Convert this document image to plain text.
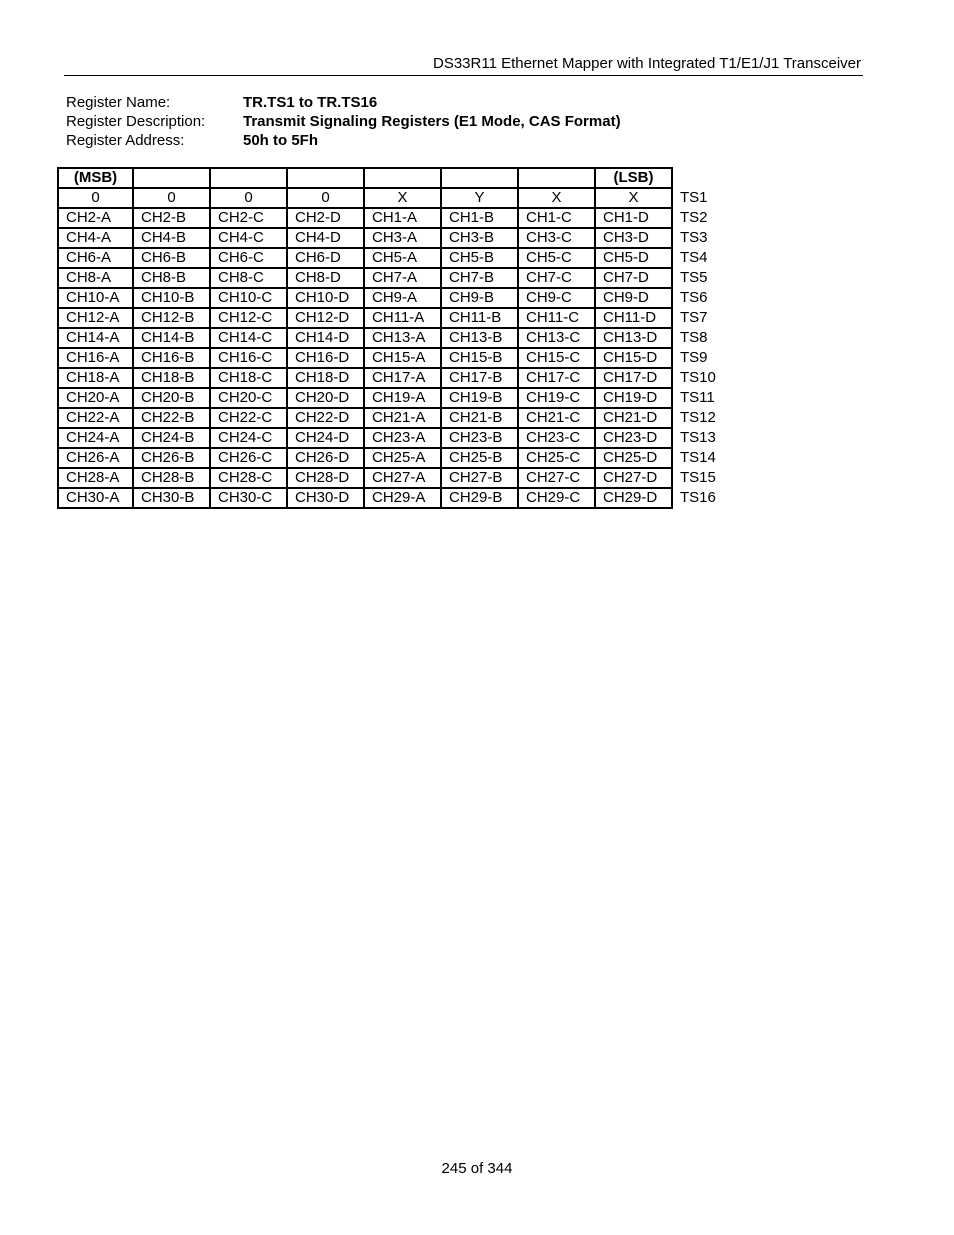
DS33R11 Ethernet Mapper with Integrated T1/E1/J1 Transceiver
Register Name:	TR.TS1 to TR.TS16
Register Description:	Transmit Signaling Registers (E1 Mode, CAS Format)
Register Address:	50h to 5Fh
(MSB)							(LSB)	
0	0	0	0	X	Y	X	X	TS1
CH2-A	CH2-B	CH2-C	CH2-D	CH1-A	CH1-B	CH1-C	CH1-D	TS2
CH4-A	CH4-B	CH4-C	CH4-D	CH3-A	CH3-B	CH3-C	CH3-D	TS3
CH6-A	CH6-B	CH6-C	CH6-D	CH5-A	CH5-B	CH5-C	CH5-D	TS4
CH8-A	CH8-B	CH8-C	CH8-D	CH7-A	CH7-B	CH7-C	CH7-D	TS5
CH10-A	CH10-B	CH10-C	CH10-D	CH9-A	CH9-B	CH9-C	CH9-D	TS6
CH12-A	CH12-B	CH12-C	CH12-D	CH11-A	CH11-B	CH11-C	CH11-D	TS7
CH14-A	CH14-B	CH14-C	CH14-D	CH13-A	CH13-B	CH13-C	CH13-D	TS8
CH16-A	CH16-B	CH16-C	CH16-D	CH15-A	CH15-B	CH15-C	CH15-D	TS9
CH18-A	CH18-B	CH18-C	CH18-D	CH17-A	CH17-B	CH17-C	CH17-D	TS10
CH20-A	CH20-B	CH20-C	CH20-D	CH19-A	CH19-B	CH19-C	CH19-D	TS11
CH22-A	CH22-B	CH22-C	CH22-D	CH21-A	CH21-B	CH21-C	CH21-D	TS12
CH24-A	CH24-B	CH24-C	CH24-D	CH23-A	CH23-B	CH23-C	CH23-D	TS13
CH26-A	CH26-B	CH26-C	CH26-D	CH25-A	CH25-B	CH25-C	CH25-D	TS14
CH28-A	CH28-B	CH28-C	CH28-D	CH27-A	CH27-B	CH27-C	CH27-D	TS15
CH30-A	CH30-B	CH30-C	CH30-D	CH29-A	CH29-B	CH29-C	CH29-D	TS16
245 of 344
